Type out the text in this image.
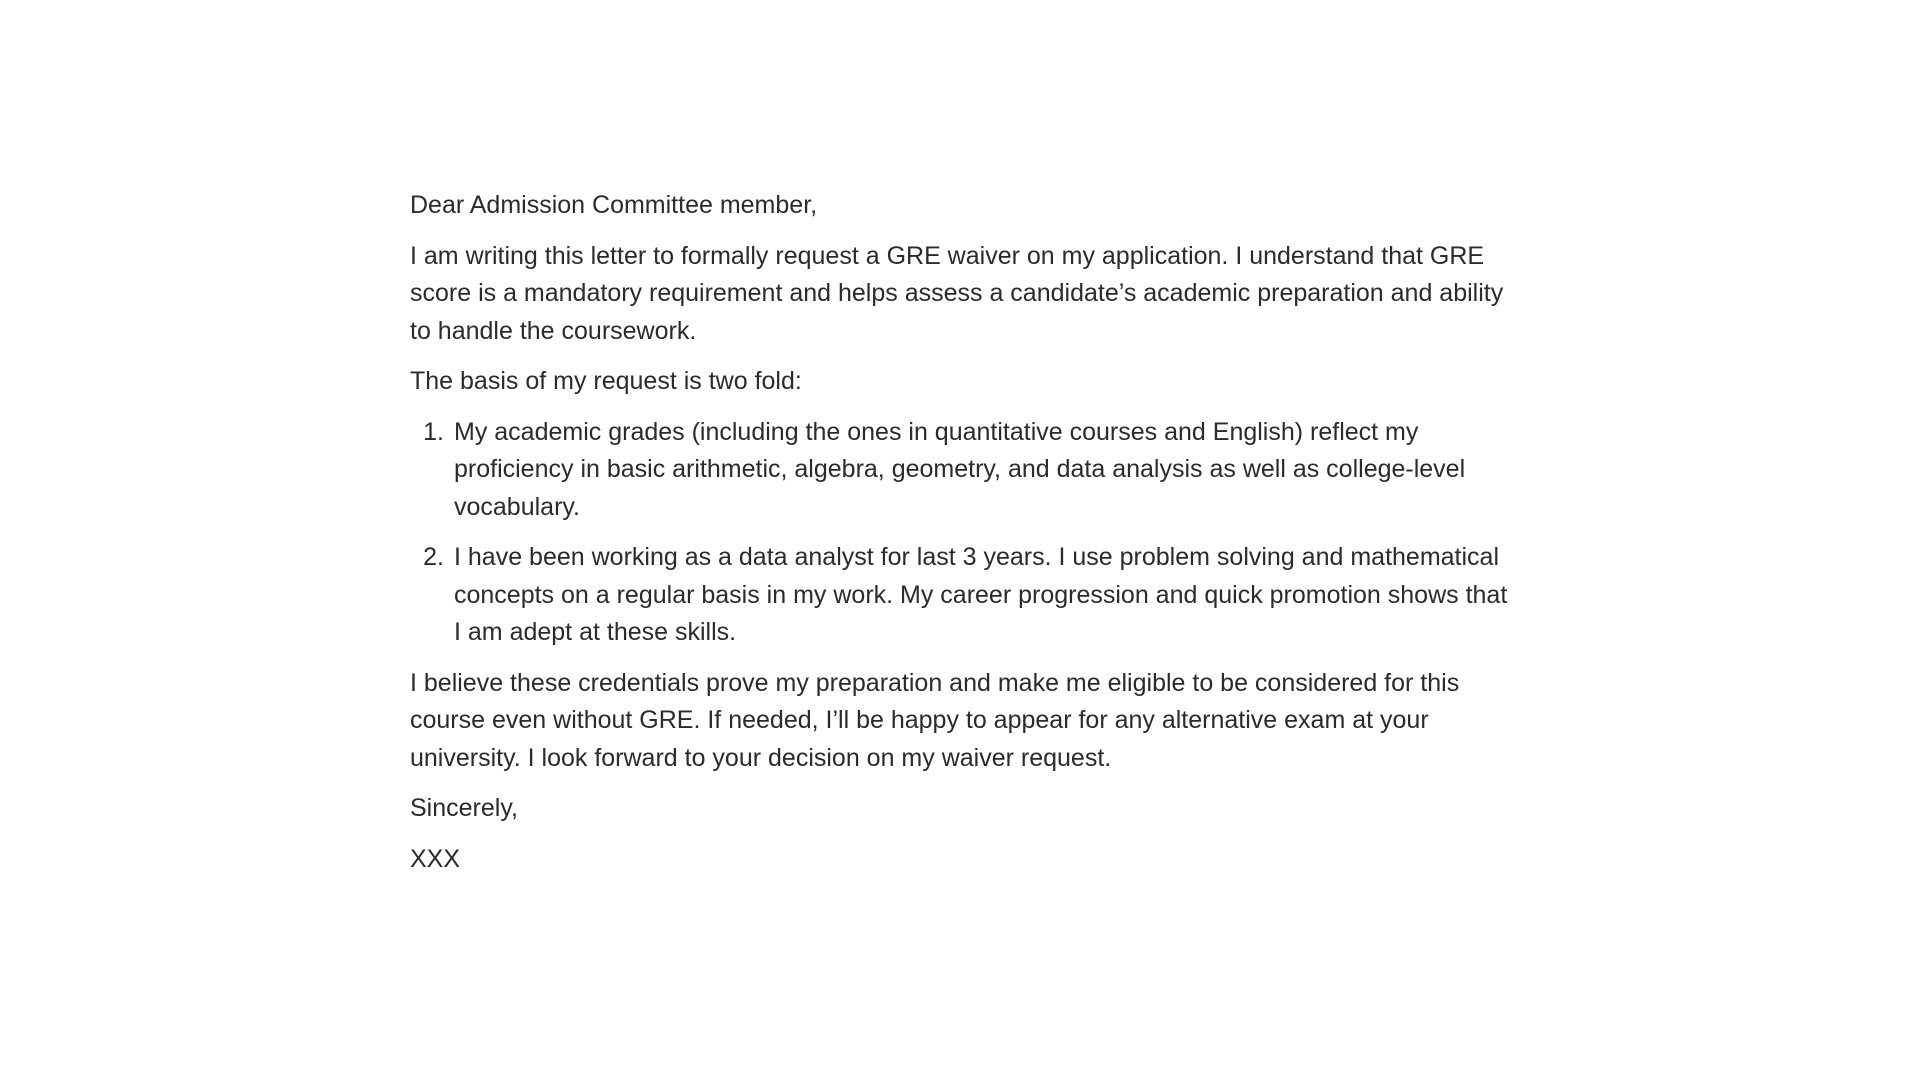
Dear Admission Committee member,

I am writing this letter to formally request a GRE waiver on my application. I understand that GRE score is a mandatory requirement and helps assess a candidate’s academic preparation and ability to handle the coursework.

The basis of my request is two fold:

1. My academic grades (including the ones in quantitative courses and English) reflect my proficiency in basic arithmetic, algebra, geometry, and data analysis as well as college-level vocabulary.
2. I have been working as a data analyst for last 3 years. I use problem solving and mathematical concepts on a regular basis in my work. My career progression and quick promotion shows that I am adept at these skills.

I believe these credentials prove my preparation and make me eligible to be considered for this course even without GRE. If needed, I’ll be happy to appear for any alternative exam at your university. I look forward to your decision on my waiver request.

Sincerely,

XXX
